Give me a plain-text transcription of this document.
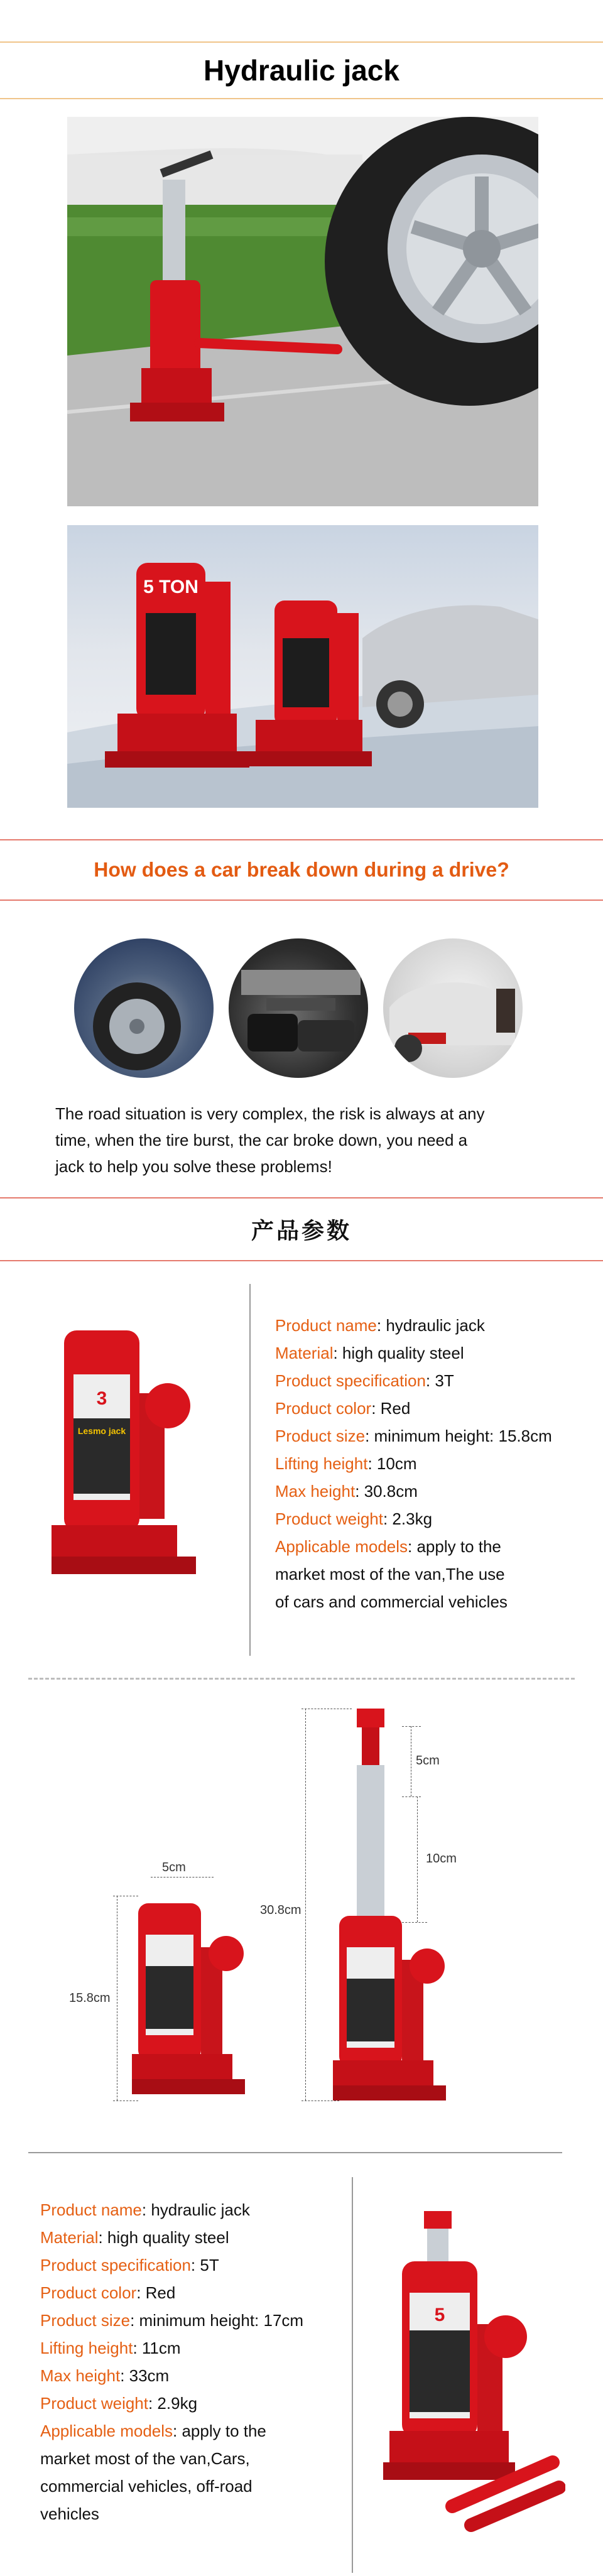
Hydraulic jack
5 TON
How does a car break down during a drive?
The road situation is very complex, the risk is always at any
time, when the tire burst, the car broke down, you need a
jack to help you solve these problems!
产品参数
3
Lesmo jack
Product name: hydraulic jack
Material: high quality steel
Product specification: 3T
Product color: Red
Product size: minimum height: 15.8cm
Lifting height: 10cm
Max height: 30.8cm
Product weight: 2.3kg
Applicable models: apply to the
market most of the van,The use
of cars and commercial vehicles
5cm
15.8cm
30.8cm
5cm
10cm
Product name: hydraulic jack
Material: high quality steel
Product specification: 5T
Product color: Red
Product size: minimum height: 17cm
Lifting height: 11cm
Max height: 33cm
Product weight: 2.9kg
Applicable models: apply to the
market most of the van,Cars,
commercial vehicles, off-road
vehicles
5
